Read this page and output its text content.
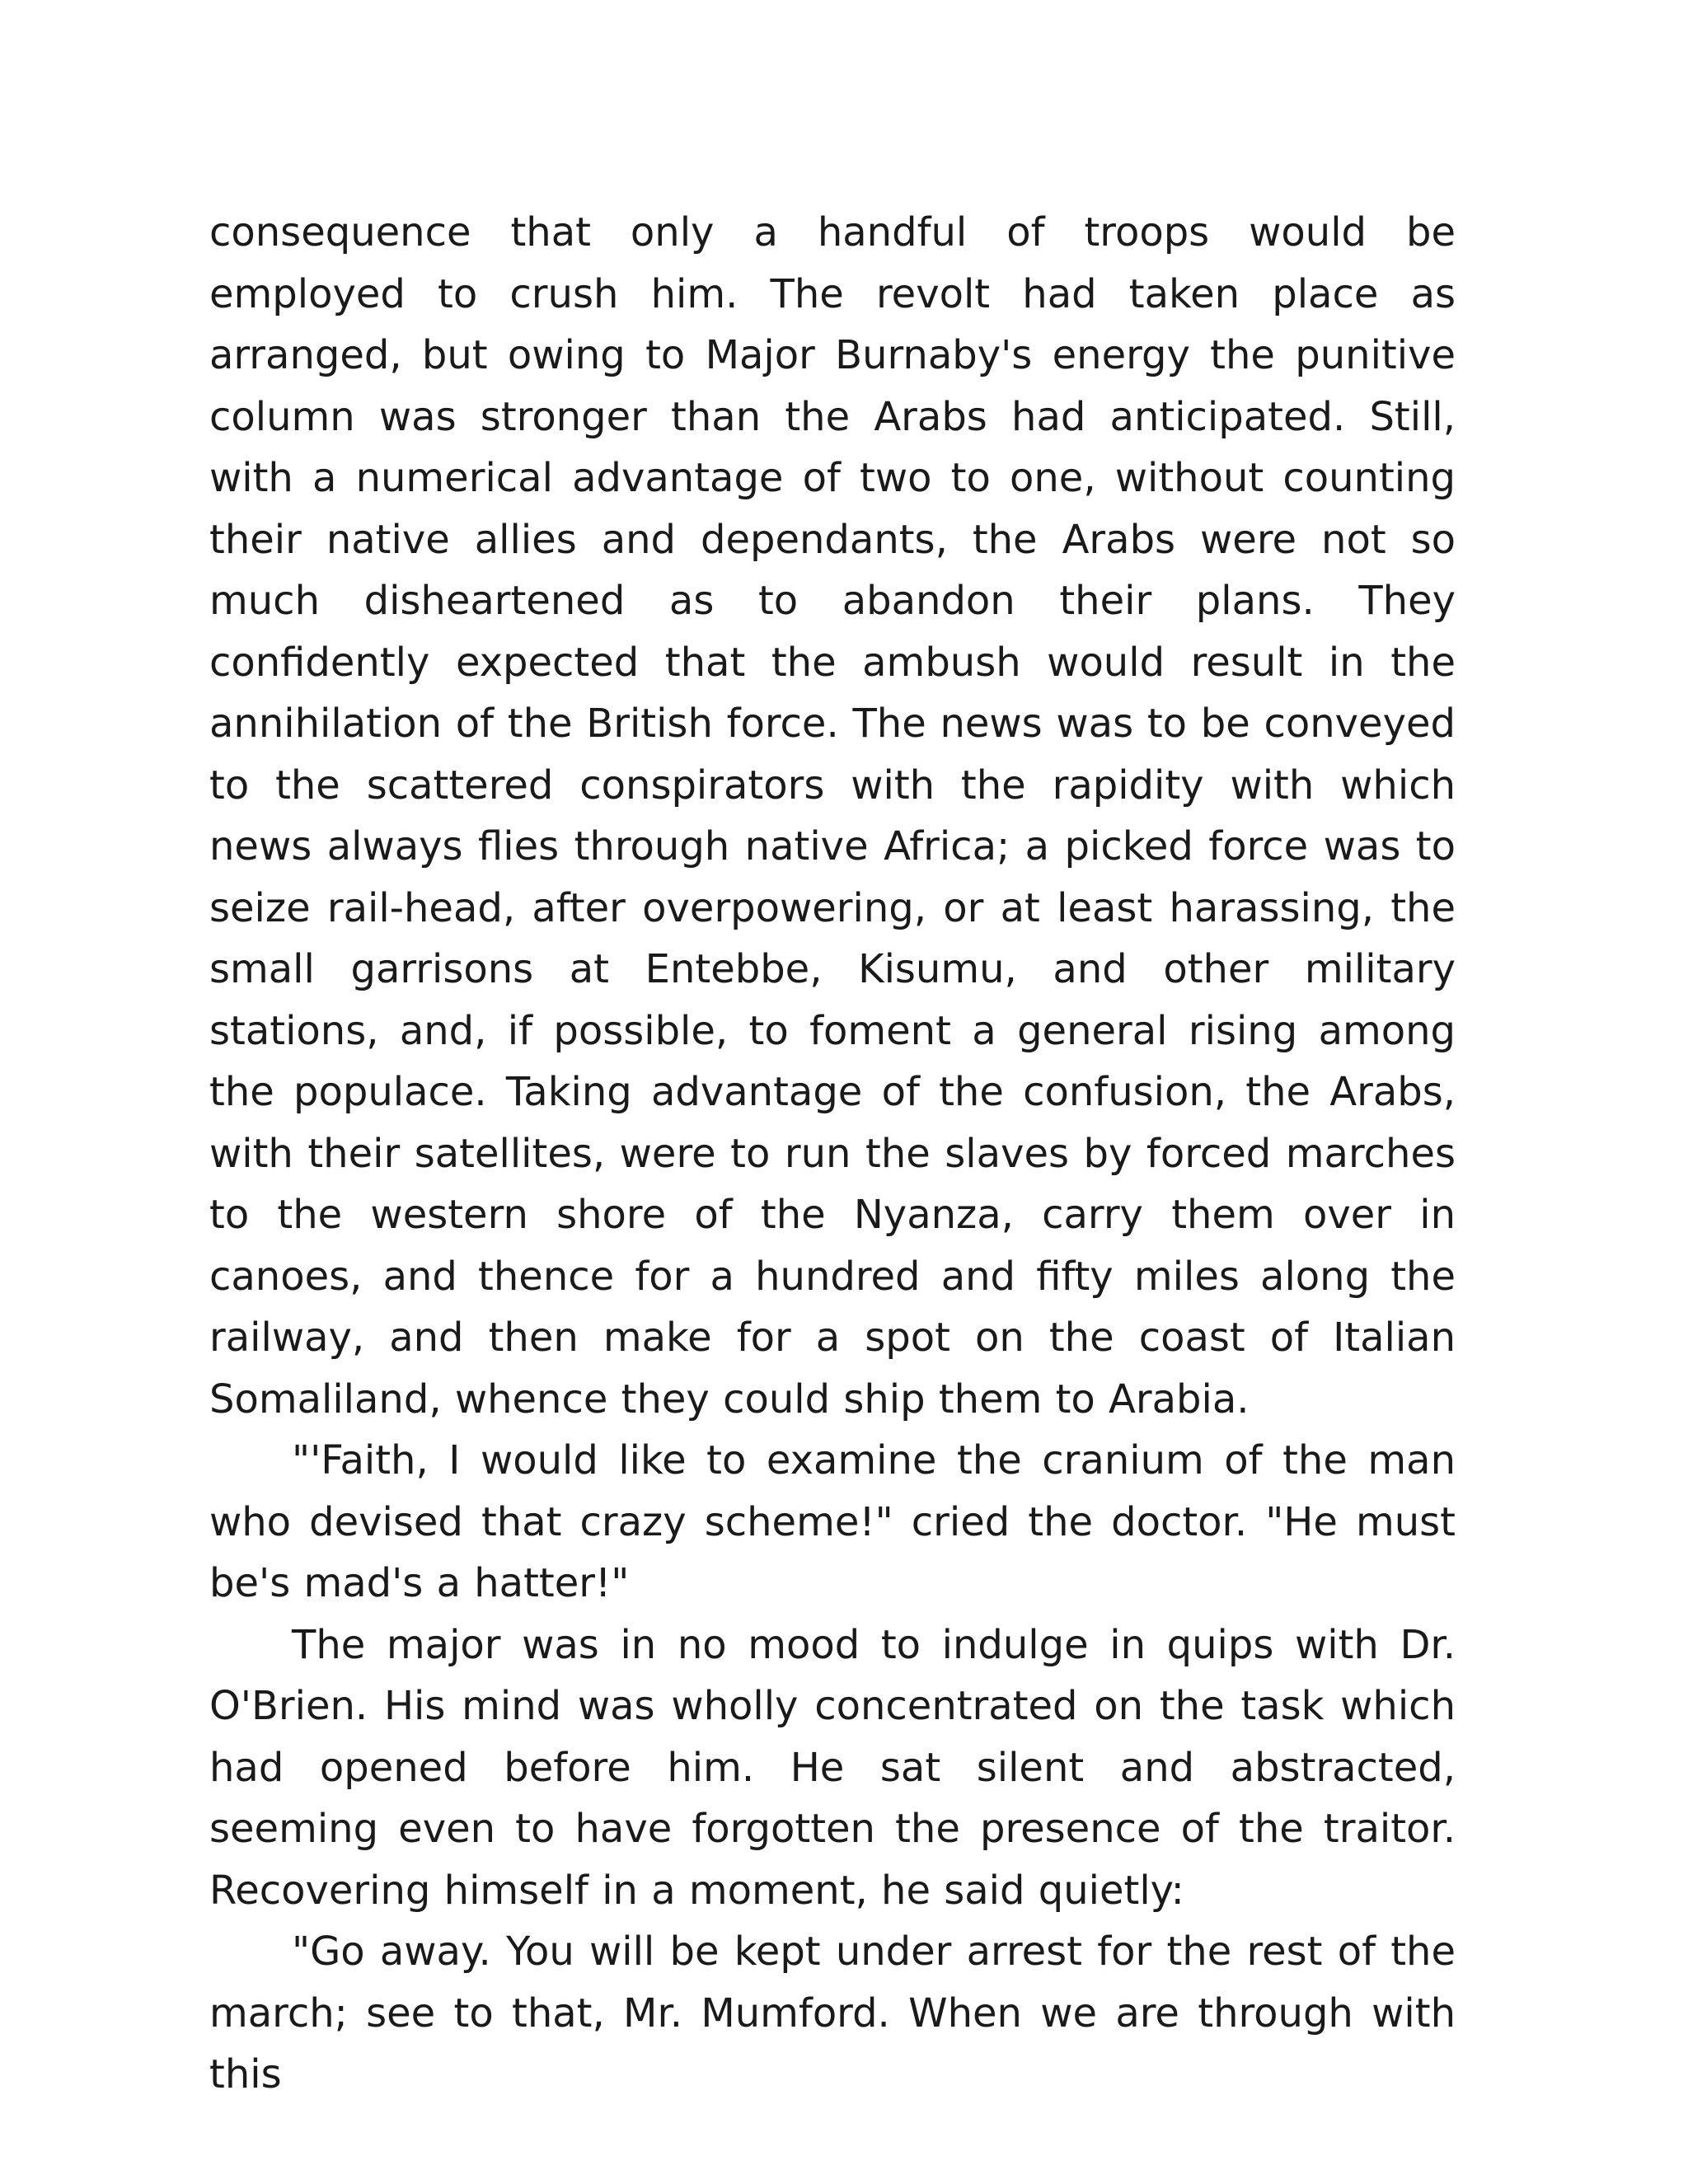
consequence that only a handful of troops would be employed to crush him. The revolt had taken place as arranged, but owing to Major Burnaby's energy the punitive column was stronger than the Arabs had anticipated. Still, with a numerical advantage of two to one, without counting their native allies and dependants, the Arabs were not so much disheartened as to abandon their plans. They confidently expected that the ambush would result in the annihilation of the British force. The news was to be conveyed to the scattered conspirators with the rapidity with which news always flies through native Africa; a picked force was to seize rail-head, after overpowering, or at least harassing, the small garrisons at Entebbe, Kisumu, and other military stations, and, if possible, to foment a general rising among the populace. Taking advantage of the confusion, the Arabs, with their satellites, were to run the slaves by forced marches to the western shore of the Nyanza, carry them over in canoes, and thence for a hundred and fifty miles along the railway, and then make for a spot on the coast of Italian Somaliland, whence they could ship them to Arabia.

"'Faith, I would like to examine the cranium of the man who devised that crazy scheme!" cried the doctor. "He must be's mad's a hatter!"

The major was in no mood to indulge in quips with Dr. O'Brien. His mind was wholly concentrated on the task which had opened before him. He sat silent and abstracted, seeming even to have forgotten the presence of the traitor. Recovering himself in a moment, he said quietly:

"Go away. You will be kept under arrest for the rest of the march; see to that, Mr. Mumford. When we are through with this
